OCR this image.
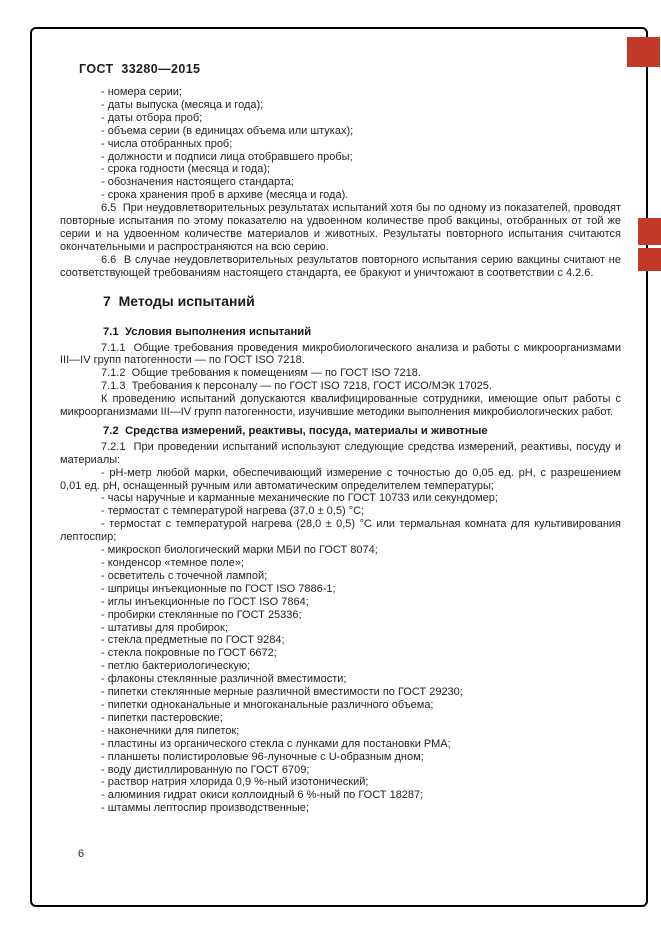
ГОСТ  33280—2015

- номера серии;

- даты выпуска (месяца и года);

- даты отбора проб;

- объема серии (в единицах объема или штуках);

- числа отобранных проб;

- должности и подписи лица отобравшего пробы;

- срока годности (месяца и года);

- обозначения настоящего стандарта;

- срока хранения проб в архиве (месяца и года).

6.5  При неудовлетворительных результатах испытаний хотя бы по одному из показателей, проводят повторные испытания по этому показателю на удвоенном количестве проб вакцины, отобранных от той же серии и на удвоенном количестве материалов и животных. Результаты повторного испытания считаются окончательными и распространяются на всю серию.

6.6  В случае неудовлетворительных результатов повторного испытания серию вакцины считают не соответствующей требованиям настоящего стандарта, ее бракуют и уничтожают в соответствии с 4.2.6.

7  Методы испытаний

7.1  Условия выполнения испытаний

7.1.1  Общие требования проведения микробиологического анализа и работы с микроорганизмами III—IV групп патогенности — по ГОСТ ISO 7218.

7.1.2  Общие требования к помещениям — по ГОСТ ISO 7218.

7.1.3  Требования к персоналу — по ГОСТ ISO 7218, ГОСТ ИСО/МЭК 17025.

К проведению испытаний допускаются квалифицированные сотрудники, имеющие опыт работы с микроорганизмами III—IV групп патогенности, изучившие методики выполнения микробиологических работ.

7.2  Средства измерений, реактивы, посуда, материалы и животные

7.2.1  При проведении испытаний используют следующие средства измерений, реактивы, посуду и материалы:

- pH-метр любой марки, обеспечивающий измерение с точностью до 0,05 ед. pH, с разрешением 0,01 ед. pH, оснащенный ручным или автоматическим определителем температуры;

- часы наручные и карманные механические по ГОСТ 10733 или секундомер;

- термостат с температурой нагрева (37,0 ± 0,5) °С;

- термостат с температурой нагрева (28,0 ± 0,5) °С или термальная комната для культивирования лептоспир;

- микроскоп биологический марки МБИ по ГОСТ 8074;

- конденсор «темное поле»;

- осветитель с точечной лампой;

- шприцы инъекционные по ГОСТ ISO 7886-1;

- иглы инъекционные по ГОСТ ISO 7864;

- пробирки стеклянные по ГОСТ 25336;

- штативы для пробирок;

- стекла предметные по ГОСТ 9284;

- стекла покровные по ГОСТ 6672;

- петлю бактериологическую;

- флаконы стеклянные различной вместимости;

- пипетки стеклянные мерные различной вместимости по ГОСТ 29230;

- пипетки одноканальные и многоканальные различного объема;

- пипетки пастеровские;

- наконечники для пипеток;

- пластины из органического стекла с лунками для постановки РМА;

- планшеты полистироловые 96-луночные с U-образным дном;

- воду дистиллированную по ГОСТ 6709;

- раствор натрия хлорида 0,9 %-ный изотонический;

- алюминия гидрат окиси коллоидный 6 %-ный по ГОСТ 18287;

- штаммы лептоспир производственные;

6
